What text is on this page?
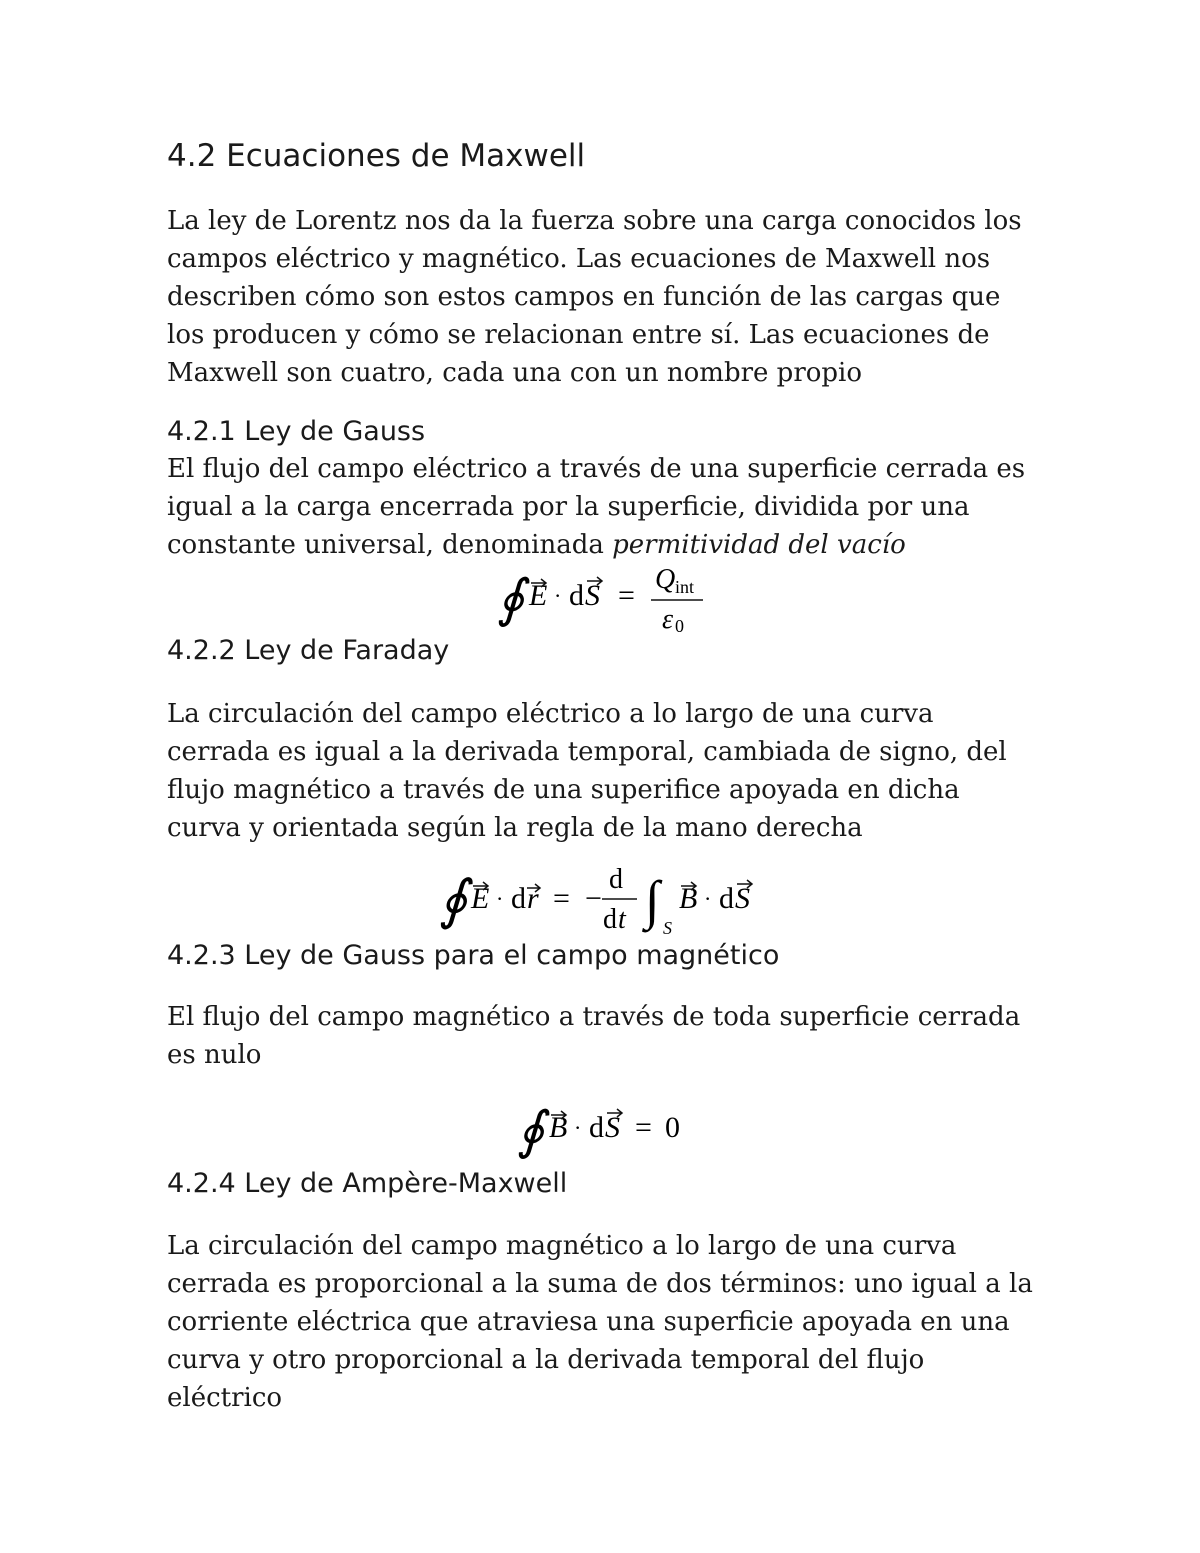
4.2 Ecuaciones de Maxwell
La ley de Lorentz nos da la fuerza sobre una carga conocidos los
campos eléctrico y magnético. Las ecuaciones de Maxwell nos
describen cómo son estos campos en función de las cargas que
los producen y cómo se relacionan entre sí. Las ecuaciones de
Maxwell son cuatro, cada una con un nombre propio
4.2.1 Ley de Gauss
El flujo del campo eléctrico a través de una superficie cerrada es
igual a la carga encerrada por la superficie, dividida por una
constante universal, denominada permitividad del vacío
∮ E · d S = Q int
ε 0
4.2.2 Ley de Faraday
La circulación del campo eléctrico a lo largo de una curva
cerrada es igual a la derivada temporal, cambiada de signo, del
flujo magnético a través de una superifice apoyada en dicha
curva y orientada según la regla de la mano derecha
∮ E · d r = −
d
d t ∫ S
B · d S
4.2.3 Ley de Gauss para el campo magnético
El flujo del campo magnético a través de toda superficie cerrada
es nulo
∮ B · d S = 0
4.2.4 Ley de Ampère-Maxwell
La circulación del campo magnético a lo largo de una curva
cerrada es proporcional a la suma de dos términos: uno igual a la
corriente eléctrica que atraviesa una superficie apoyada en una
curva y otro proporcional a la derivada temporal del flujo
eléctrico
